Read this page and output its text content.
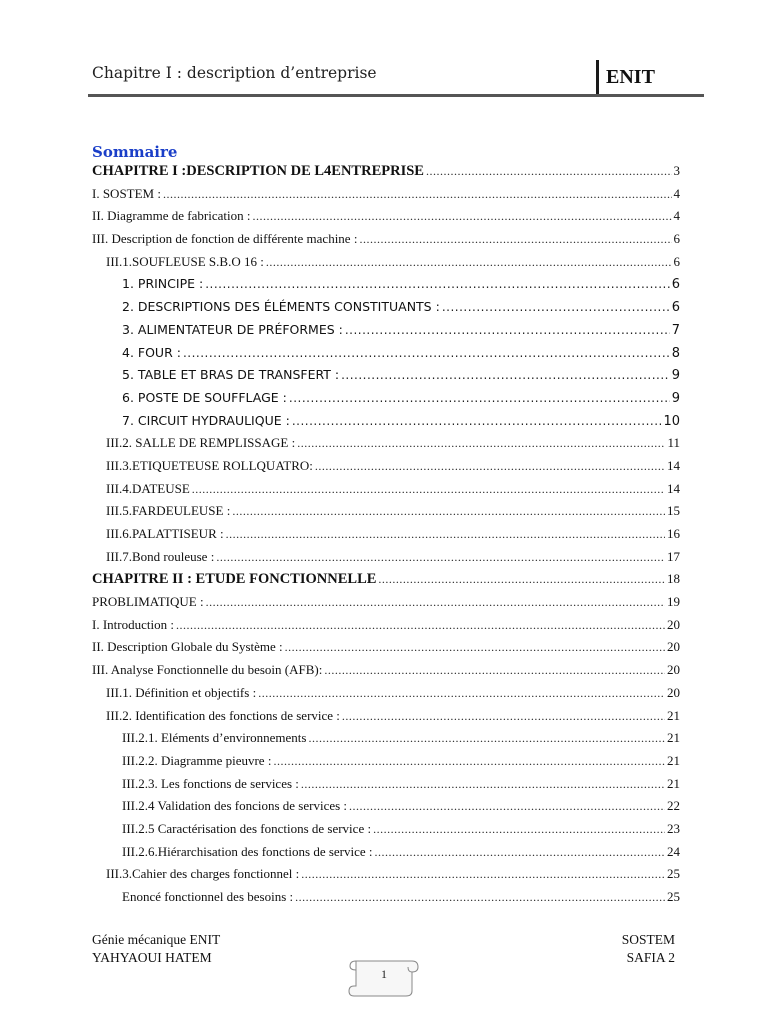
Chapitre I : description d’entreprise	ENIT
Sommaire
CHAPITRE I :DESCRIPTION DE L4ENTREPRISE .....	3
I. SOSTEM : .....	4
II. Diagramme de fabrication : .....	4
III. Description de fonction de différente machine : .....	6
III.1.SOUFLEUSE S.B.O 16 : .....	6
1. PRINCIPE : .....	6
2. DESCRIPTIONS DES ÉLÉMENTS CONSTITUANTS : .....	6
3. ALIMENTATEUR DE PRÉFORMES : .....	7
4. FOUR : .....	8
5. TABLE ET BRAS DE TRANSFERT : .....	9
6. POSTE DE SOUFFLAGE : .....	9
7. CIRCUIT HYDRAULIQUE : .....	10
III.2. SALLE DE REMPLISSAGE : .....	11
III.3.ETIQUETEUSE ROLLQUATRO: .....	14
III.4.DATEUSE .....	14
III.5.FARDEULEUSE : .....	15
III.6.PALATTISEUR : .....	16
III.7.Bond rouleuse : .....	17
CHAPITRE II : ETUDE FONCTIONNELLE .....	18
PROBLIMATIQUE : .....	19
I. Introduction : .....	20
II. Description Globale du Système : .....	20
III. Analyse Fonctionnelle du besoin (AFB): .....	20
III.1. Définition et objectifs : .....	20
III.2. Identification des fonctions de service : .....	21
III.2.1. Eléments d’environnements .....	21
III.2.2. Diagramme pieuvre : .....	21
III.2.3. Les fonctions de services : .....	21
III.2.4 Validation des foncions de services : .....	22
III.2.5 Caractérisation des fonctions de service : .....	23
III.2.6.Hiérarchisation des fonctions de service : .....	24
III.3.Cahier des charges fonctionnel : .....	25
Enoncé fonctionnel des besoins : .....	25
Génie mécanique ENIT
YAHYAOUI HATEM
SOSTEM
SAFIA 2
1
